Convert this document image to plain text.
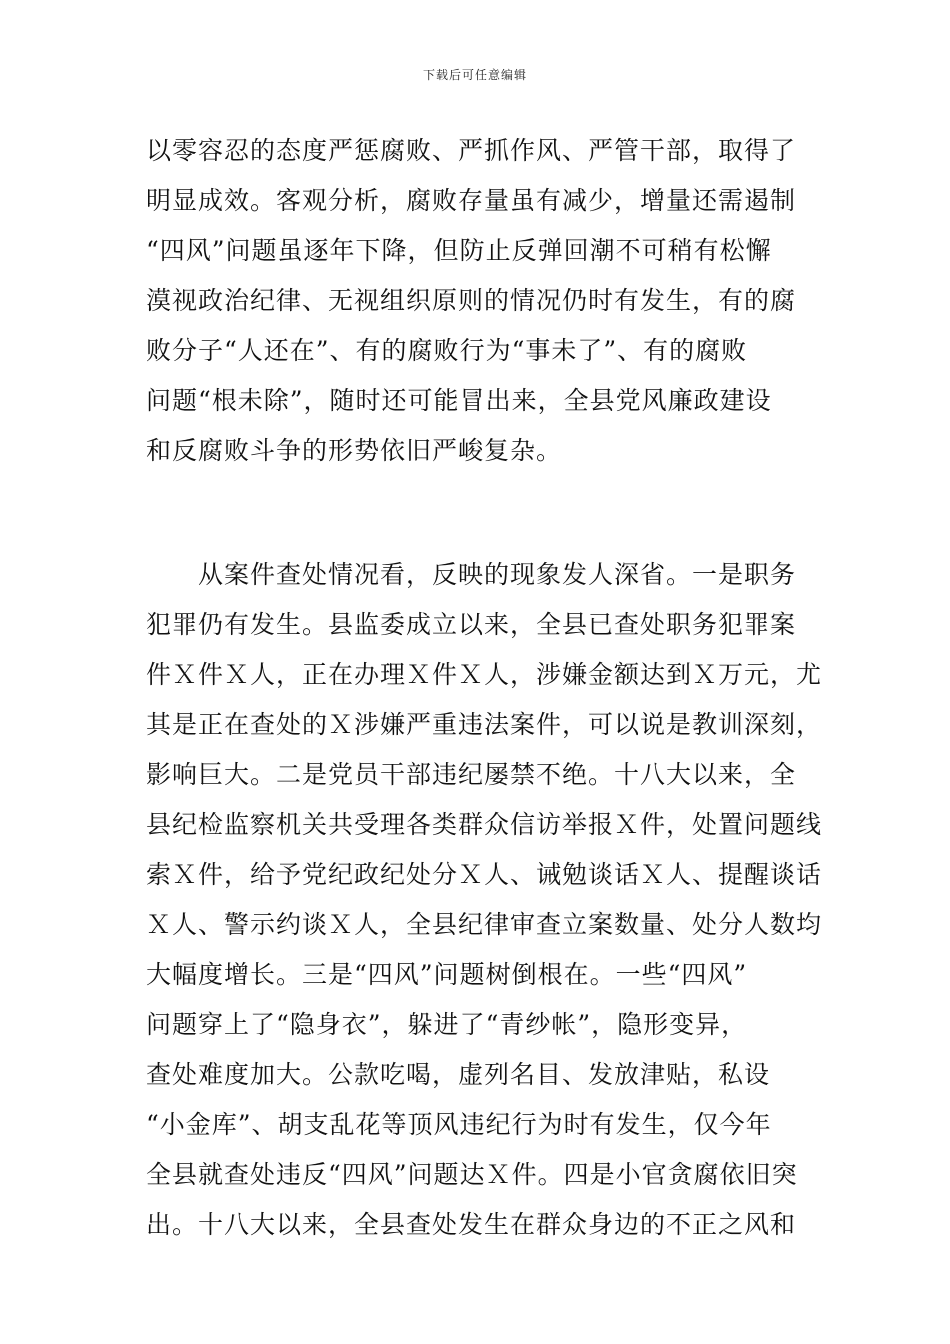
下载后可任意编辑
以零容忍的态度严惩腐败、严抓作风、严管干部，取得了
明显成效。客观分析，腐败存量虽有减少，增量还需遏制
“四风”问题虽逐年下降，但防止反弹回潮不可稍有松懈
漠视政治纪律、无视组织原则的情况仍时有发生，有的腐
败分子“人还在”、有的腐败行为“事未了”、有的腐败
问题“根未除”，随时还可能冒出来，全县党风廉政建设
和反腐败斗争的形势依旧严峻复杂。
　　从案件查处情况看，反映的现象发人深省。一是职务
犯罪仍有发生。县监委成立以来，全县已查处职务犯罪案
件Ｘ件Ｘ人，正在办理Ｘ件Ｘ人，涉嫌金额达到Ｘ万元，尤
其是正在查处的Ｘ涉嫌严重违法案件，可以说是教训深刻，
影响巨大。二是党员干部违纪屡禁不绝。十八大以来，全
县纪检监察机关共受理各类群众信访举报Ｘ件，处置问题线
索Ｘ件，给予党纪政纪处分Ｘ人、诫勉谈话Ｘ人、提醒谈话
Ｘ人、警示约谈Ｘ人，全县纪律审查立案数量、处分人数均
大幅度增长。三是“四风”问题树倒根在。一些“四风”
问题穿上了“隐身衣”，躲进了“青纱帐”，隐形变异，
查处难度加大。公款吃喝，虚列名目、发放津贴，私设
“小金库”、胡支乱花等顶风违纪行为时有发生，仅今年
全县就查处违反“四风”问题达Ｘ件。四是小官贪腐依旧突
出。十八大以来，全县查处发生在群众身边的不正之风和
